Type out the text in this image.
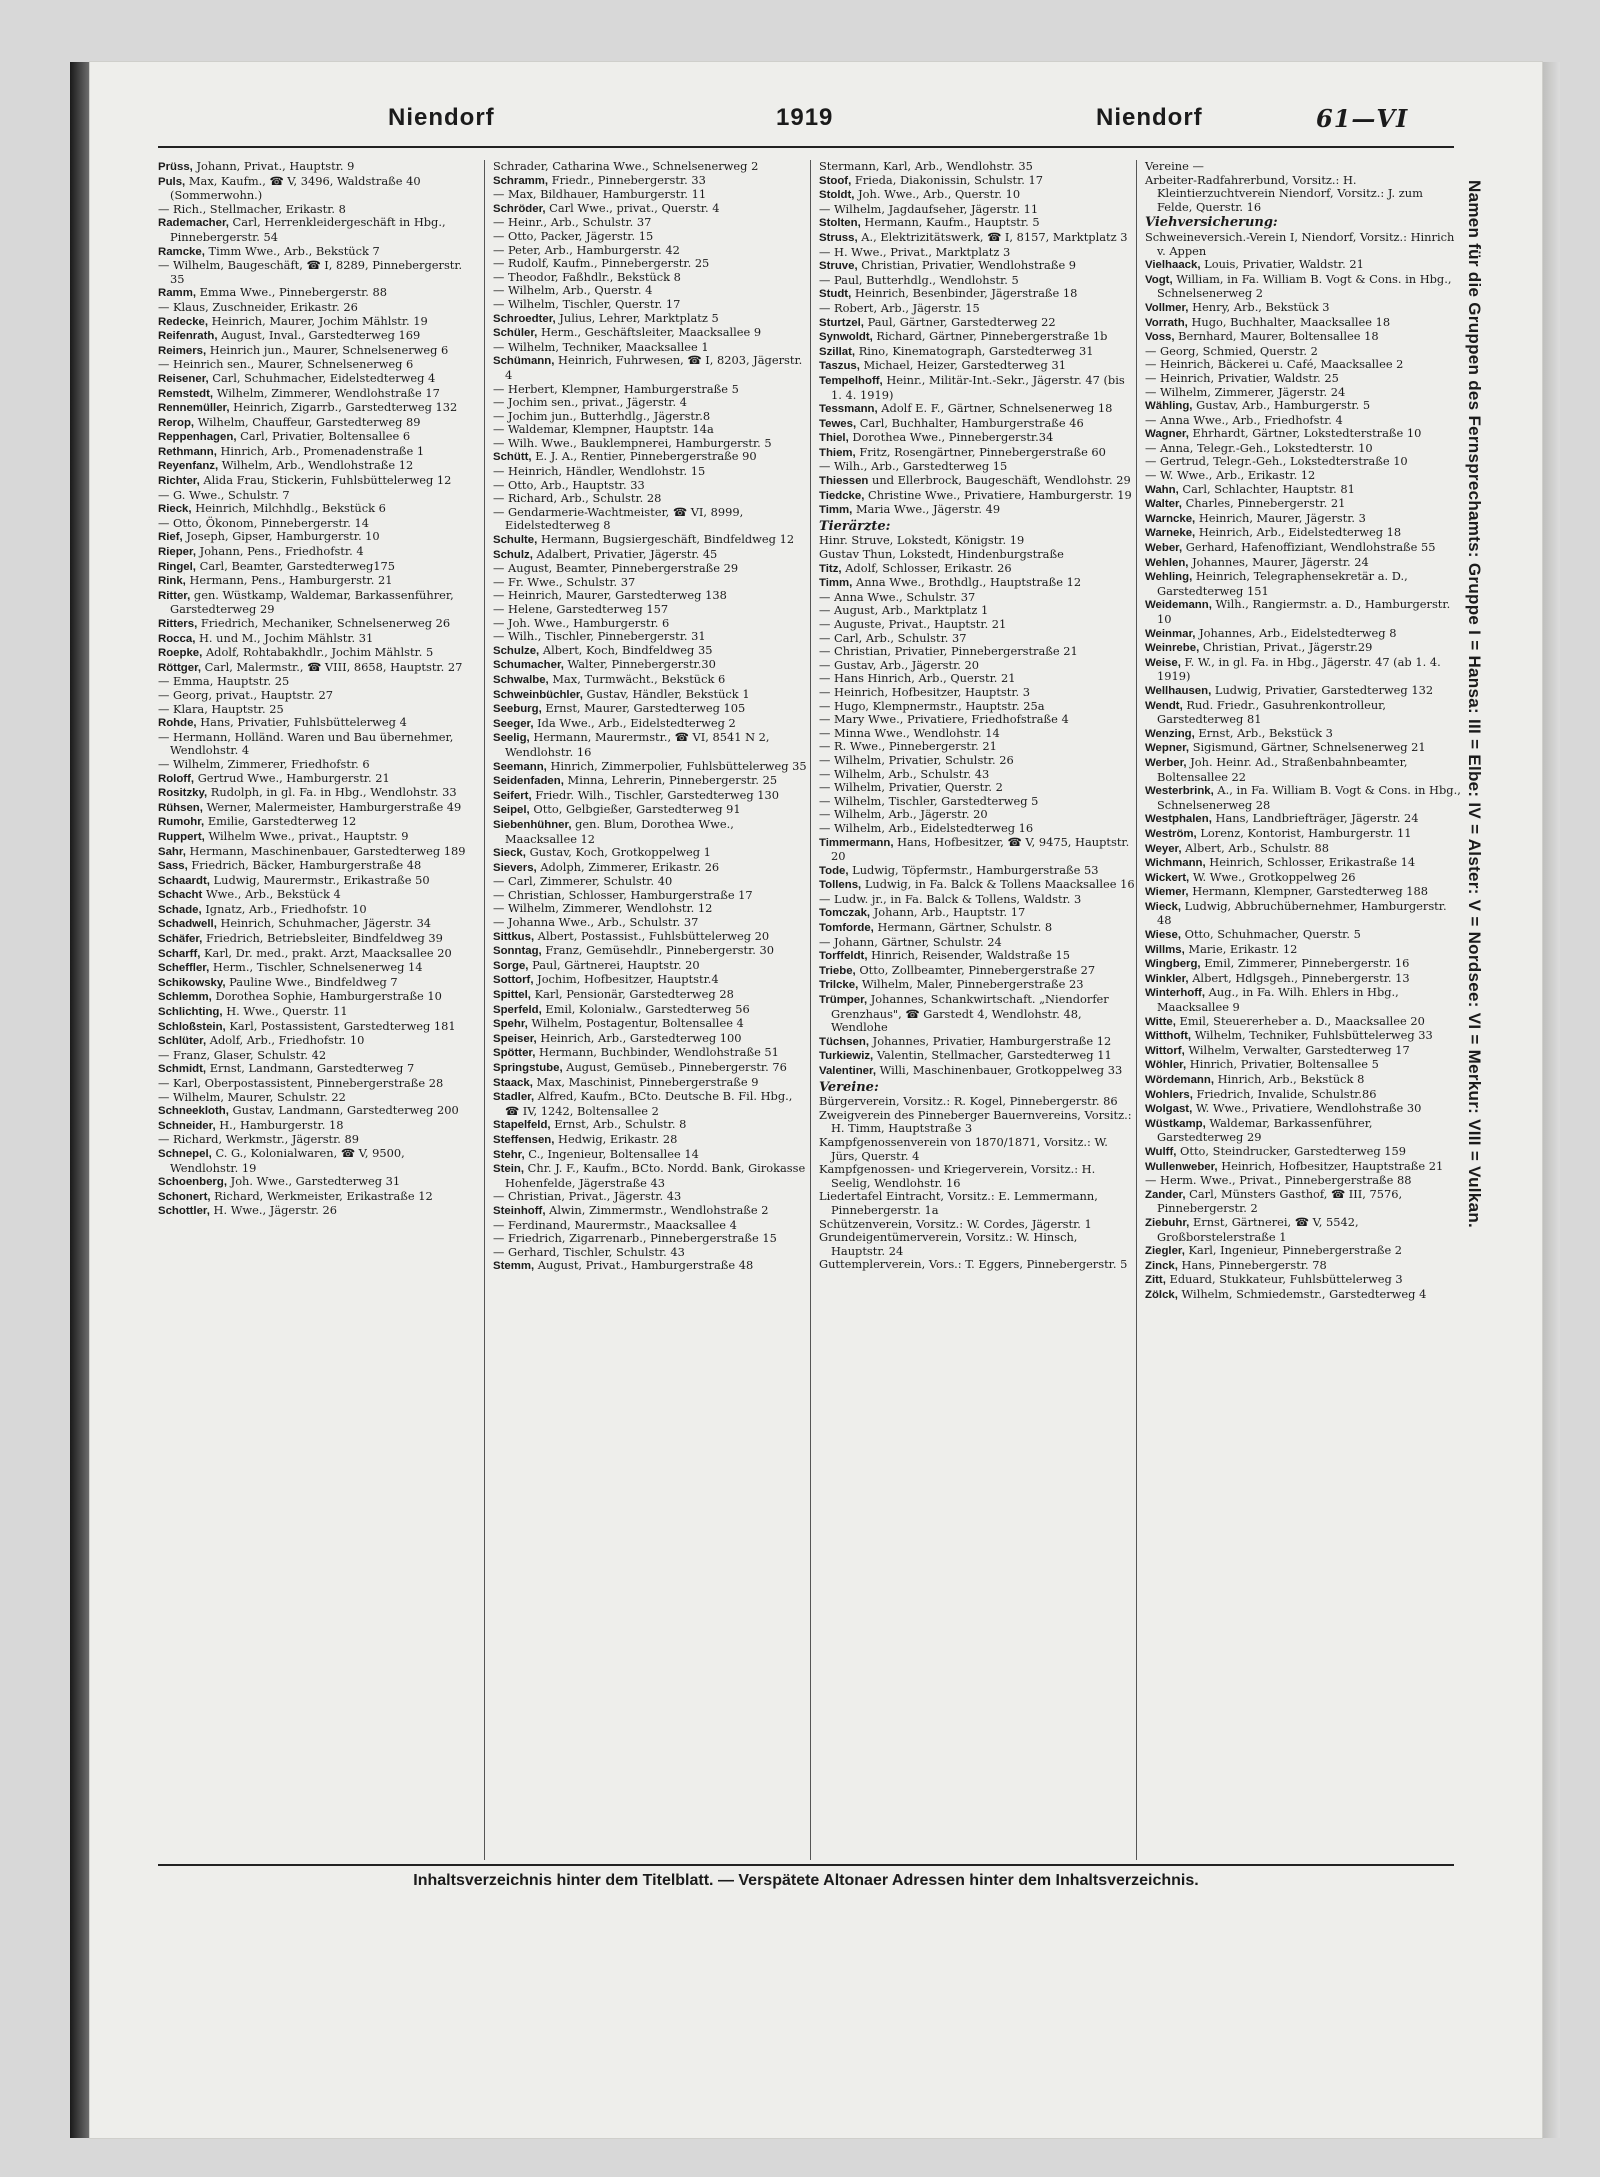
Niendorf	1919	Niendorf	61—VI

Prüss, Johann, Privat., Hauptstr. 9

Puls, Max, Kaufm., ☎ V, 3496, Waldstraße 40 (Sommerwohn.)

— Rich., Stellmacher, Erikastr. 8

Rademacher, Carl, Herrenkleidergeschäft in Hbg., Pinnebergerstr. 54

Ramcke, Timm Wwe., Arb., Bekstück 7

— Wilhelm, Baugeschäft, ☎ I, 8289, Pinnebergerstr. 35

Ramm, Emma Wwe., Pinnebergerstr. 88

— Klaus, Zuschneider, Erikastr. 26

Redecke, Heinrich, Maurer, Jochim Mählstr. 19

Reifenrath, August, Inval., Garstedterweg 169

Reimers, Heinrich jun., Maurer, Schnelsenerweg 6

— Heinrich sen., Maurer, Schnelsenerweg 6

Reisener, Carl, Schuhmacher, Eidelstedterweg 4

Remstedt, Wilhelm, Zimmerer, Wendlohstraße 17

Rennemüller, Heinrich, Zigarrb., Garstedterweg 132

Rerop, Wilhelm, Chauffeur, Garstedterweg 89

Reppenhagen, Carl, Privatier, Boltensallee 6

Rethmann, Hinrich, Arb., Promenadenstraße 1

Reyenfanz, Wilhelm, Arb., Wendlohstraße 12

Richter, Alida Frau, Stickerin, Fuhlsbüttelerweg 12

— G. Wwe., Schulstr. 7

Rieck, Heinrich, Milchhdlg., Bekstück 6

— Otto, Ökonom, Pinnebergerstr. 14

Rief, Joseph, Gipser, Hamburgerstr. 10

Rieper, Johann, Pens., Friedhofstr. 4

Ringel, Carl, Beamter, Garstedterweg175

Rink, Hermann, Pens., Hamburgerstr. 21

Ritter, gen. Wüstkamp, Waldemar, Barkassenführer, Garstedterweg 29

Ritters, Friedrich, Mechaniker, Schnelsenerweg 26

Rocca, H. und M., Jochim Mählstr. 31

Roepke, Adolf, Rohtabakhdlr., Jochim Mählstr. 5

Röttger, Carl, Malermstr., ☎ VIII, 8658, Hauptstr. 27

— Emma, Hauptstr. 25

— Georg, privat., Hauptstr. 27

— Klara, Hauptstr. 25

Rohde, Hans, Privatier, Fuhlsbüttelerweg 4

— Hermann, Holländ. Waren und Bau übernehmer, Wendlohstr. 4

— Wilhelm, Zimmerer, Friedhofstr. 6

Roloff, Gertrud Wwe., Hamburgerstr. 21

Rositzky, Rudolph, in gl. Fa. in Hbg., Wendlohstr. 33

Rühsen, Werner, Malermeister, Hamburgerstraße 49

Rumohr, Emilie, Garstedterweg 12

Ruppert, Wilhelm Wwe., privat., Hauptstr. 9

Sahr, Hermann, Maschinenbauer, Garstedterweg 189

Sass, Friedrich, Bäcker, Hamburgerstraße 48

Schaardt, Ludwig, Maurermstr., Erikastraße 50

Schacht Wwe., Arb., Bekstück 4

Schade, Ignatz, Arb., Friedhofstr. 10

Schadwell, Heinrich, Schuhmacher, Jägerstr. 34

Schäfer, Friedrich, Betriebsleiter, Bindfeldweg 39

Scharff, Karl, Dr. med., prakt. Arzt, Maacksallee 20

Scheffler, Herm., Tischler, Schnelsenerweg 14

Schikowsky, Pauline Wwe., Bindfeldweg 7

Schlemm, Dorothea Sophie, Hamburgerstraße 10

Schlichting, H. Wwe., Querstr. 11

Schloßstein, Karl, Postassistent, Garstedterweg 181

Schlüter, Adolf, Arb., Friedhofstr. 10

— Franz, Glaser, Schulstr. 42

Schmidt, Ernst, Landmann, Garstedterweg 7

— Karl, Oberpostassistent, Pinnebergerstraße 28

— Wilhelm, Maurer, Schulstr. 22

Schneekloth, Gustav, Landmann, Garstedterweg 200

Schneider, H., Hamburgerstr. 18

— Richard, Werkmstr., Jägerstr. 89

Schnepel, C. G., Kolonialwaren, ☎ V, 9500, Wendlohstr. 19

Schoenberg, Joh. Wwe., Garstedterweg 31

Schonert, Richard, Werkmeister, Erikastraße 12

Schottler, H. Wwe., Jägerstr. 26

Schrader, Catharina Wwe., Schnelsenerweg 2

Schramm, Friedr., Pinnebergerstr. 33

— Max, Bildhauer, Hamburgerstr. 11

Schröder, Carl Wwe., privat., Querstr. 4

— Heinr., Arb., Schulstr. 37

— Otto, Packer, Jägerstr. 15

— Peter, Arb., Hamburgerstr. 42

— Rudolf, Kaufm., Pinnebergerstr. 25

— Theodor, Faßhdlr., Bekstück 8

— Wilhelm, Arb., Querstr. 4

— Wilhelm, Tischler, Querstr. 17

Schroedter, Julius, Lehrer, Marktplatz 5

Schüler, Herm., Geschäftsleiter, Maacksallee 9

— Wilhelm, Techniker, Maacksallee 1

Schümann, Heinrich, Fuhrwesen, ☎ I, 8203, Jägerstr. 4

— Herbert, Klempner, Hamburgerstraße 5

— Jochim sen., privat., Jägerstr. 4

— Jochim jun., Butterhdlg., Jägerstr.8

— Waldemar, Klempner, Hauptstr. 14a

— Wilh. Wwe., Bauklempnerei, Hamburgerstr. 5

Schütt, E. J. A., Rentier, Pinnebergerstraße 90

— Heinrich, Händler, Wendlohstr. 15

— Otto, Arb., Hauptstr. 33

— Richard, Arb., Schulstr. 28

— Gendarmerie-Wachtmeister, ☎ VI, 8999, Eidelstedterweg 8

Schulte, Hermann, Bugsiergeschäft, Bindfeldweg 12

Schulz, Adalbert, Privatier, Jägerstr. 45

— August, Beamter, Pinnebergerstraße 29

— Fr. Wwe., Schulstr. 37

— Heinrich, Maurer, Garstedterweg 138

— Helene, Garstedterweg 157

— Joh. Wwe., Hamburgerstr. 6

— Wilh., Tischler, Pinnebergerstr. 31

Schulze, Albert, Koch, Bindfeldweg 35

Schumacher, Walter, Pinnebergerstr.30

Schwalbe, Max, Turmwächt., Bekstück 6

Schweinbüchler, Gustav, Händler, Bekstück 1

Seeburg, Ernst, Maurer, Garstedterweg 105

Seeger, Ida Wwe., Arb., Eidelstedterweg 2

Seelig, Hermann, Maurermstr., ☎ VI, 8541 N 2, Wendlohstr. 16

Seemann, Hinrich, Zimmerpolier, Fuhlsbüttelerweg 35

Seidenfaden, Minna, Lehrerin, Pinnebergerstr. 25

Seifert, Friedr. Wilh., Tischler, Garstedterweg 130

Seipel, Otto, Gelbgießer, Garstedterweg 91

Siebenhühner, gen. Blum, Dorothea Wwe., Maacksallee 12

Sieck, Gustav, Koch, Grotkoppelweg 1

Sievers, Adolph, Zimmerer, Erikastr. 26

— Carl, Zimmerer, Schulstr. 40

— Christian, Schlosser, Hamburgerstraße 17

— Wilhelm, Zimmerer, Wendlohstr. 12

— Johanna Wwe., Arb., Schulstr. 37

Sittkus, Albert, Postassist., Fuhlsbüttelerweg 20

Sonntag, Franz, Gemüsehdlr., Pinnebergerstr. 30

Sorge, Paul, Gärtnerei, Hauptstr. 20

Sottorf, Jochim, Hofbesitzer, Hauptstr.4

Spittel, Karl, Pensionär, Garstedterweg 28

Sperfeld, Emil, Kolonialw., Garstedterweg 56

Spehr, Wilhelm, Postagentur, Boltensallee 4

Speiser, Heinrich, Arb., Garstedterweg 100

Spötter, Hermann, Buchbinder, Wendlohstraße 51

Springstube, August, Gemüseb., Pinnebergerstr. 76

Staack, Max, Maschinist, Pinnebergerstraße 9

Stadler, Alfred, Kaufm., BCto. Deutsche B. Fil. Hbg., ☎ IV, 1242, Boltensallee 2

Stapelfeld, Ernst, Arb., Schulstr. 8

Steffensen, Hedwig, Erikastr. 28

Stehr, C., Ingenieur, Boltensallee 14

Stein, Chr. J. F., Kaufm., BCto. Nordd. Bank, Girokasse Hohenfelde, Jägerstraße 43

— Christian, Privat., Jägerstr. 43

Steinhoff, Alwin, Zimmermstr., Wendlohstraße 2

— Ferdinand, Maurermstr., Maacksallee 4

— Friedrich, Zigarrenarb., Pinnebergerstraße 15

— Gerhard, Tischler, Schulstr. 43

Stemm, August, Privat., Hamburgerstraße 48

Stermann, Karl, Arb., Wendlohstr. 35

Stoof, Frieda, Diakonissin, Schulstr. 17

Stoldt, Joh. Wwe., Arb., Querstr. 10

— Wilhelm, Jagdaufseher, Jägerstr. 11

Stolten, Hermann, Kaufm., Hauptstr. 5

Struss, A., Elektrizitätswerk, ☎ I, 8157, Marktplatz 3

— H. Wwe., Privat., Marktplatz 3

Struve, Christian, Privatier, Wendlohstraße 9

— Paul, Butterhdlg., Wendlohstr. 5

Studt, Heinrich, Besenbinder, Jägerstraße 18

— Robert, Arb., Jägerstr. 15

Sturtzel, Paul, Gärtner, Garstedterweg 22

Synwoldt, Richard, Gärtner, Pinnebergerstraße 1b

Szillat, Rino, Kinematograph, Garstedterweg 31

Taszus, Michael, Heizer, Garstedterweg 31

Tempelhoff, Heinr., Militär-Int.-Sekr., Jägerstr. 47 (bis 1. 4. 1919)

Tessmann, Adolf E. F., Gärtner, Schnelsenerweg 18

Tewes, Carl, Buchhalter, Hamburgerstraße 46

Thiel, Dorothea Wwe., Pinnebergerstr.34

Thiem, Fritz, Rosengärtner, Pinnebergerstraße 60

— Wilh., Arb., Garstedterweg 15

Thiessen und Ellerbrock, Baugeschäft, Wendlohstr. 29

Tiedcke, Christine Wwe., Privatiere, Hamburgerstr. 19

Timm, Maria Wwe., Jägerstr. 49

Tierärzte:

Hinr. Struve, Lokstedt, Königstr. 19

Gustav Thun, Lokstedt, Hindenburgstraße

Titz, Adolf, Schlosser, Erikastr. 26

Timm, Anna Wwe., Brothdlg., Hauptstraße 12

— Anna Wwe., Schulstr. 37

— August, Arb., Marktplatz 1

— Auguste, Privat., Hauptstr. 21

— Carl, Arb., Schulstr. 37

— Christian, Privatier, Pinnebergerstraße 21

— Gustav, Arb., Jägerstr. 20

— Hans Hinrich, Arb., Querstr. 21

— Heinrich, Hofbesitzer, Hauptstr. 3

— Hugo, Klempnermstr., Hauptstr. 25a

— Mary Wwe., Privatiere, Friedhofstraße 4

— Minna Wwe., Wendlohstr. 14

— R. Wwe., Pinnebergerstr. 21

— Wilhelm, Privatier, Schulstr. 26

— Wilhelm, Arb., Schulstr. 43

— Wilhelm, Privatier, Querstr. 2

— Wilhelm, Tischler, Garstedterweg 5

— Wilhelm, Arb., Jägerstr. 20

— Wilhelm, Arb., Eidelstedterweg 16

Timmermann, Hans, Hofbesitzer, ☎ V, 9475, Hauptstr. 20

Tode, Ludwig, Töpfermstr., Hamburgerstraße 53

Tollens, Ludwig, in Fa. Balck & Tollens Maacksallee 16

— Ludw. jr., in Fa. Balck & Tollens, Waldstr. 3

Tomczak, Johann, Arb., Hauptstr. 17

Tomforde, Hermann, Gärtner, Schulstr. 8

— Johann, Gärtner, Schulstr. 24

Torffeldt, Hinrich, Reisender, Waldstraße 15

Triebe, Otto, Zollbeamter, Pinnebergerstraße 27

Trilcke, Wilhelm, Maler, Pinnebergerstraße 23

Trümper, Johannes, Schankwirtschaft. „Niendorfer Grenzhaus", ☎ Garstedt 4, Wendlohstr. 48, Wendlohe

Tüchsen, Johannes, Privatier, Hamburgerstraße 12

Turkiewiz, Valentin, Stellmacher, Garstedterweg 11

Valentiner, Willi, Maschinenbauer, Grotkoppelweg 33

Vereine:

Bürgerverein, Vorsitz.: R. Kogel, Pinnebergerstr. 86

Zweigverein des Pinneberger Bauernvereins, Vorsitz.: H. Timm, Hauptstraße 3

Kampfgenossenverein von 1870/1871, Vorsitz.: W. Jürs, Querstr. 4

Kampfgenossen- und Kriegerverein, Vorsitz.: H. Seelig, Wendlohstr. 16

Liedertafel Eintracht, Vorsitz.: E. Lemmermann, Pinnebergerstr. 1a

Schützenverein, Vorsitz.: W. Cordes, Jägerstr. 1

Grundeigentümerverein, Vorsitz.: W. Hinsch, Hauptstr. 24

Guttemplerverein, Vors.: T. Eggers, Pinnebergerstr. 5

Vereine —

Arbeiter-Radfahrerbund, Vorsitz.: H. Kleintierzuchtverein Niendorf, Vorsitz.: J. zum Felde, Querstr. 16

Viehversicherung:

Schweineversich.-Verein I, Niendorf, Vorsitz.: Hinrich v. Appen

Vielhaack, Louis, Privatier, Waldstr. 21

Vogt, William, in Fa. William B. Vogt & Cons. in Hbg., Schnelsenerweg 2

Vollmer, Henry, Arb., Bekstück 3

Vorrath, Hugo, Buchhalter, Maacksallee 18

Voss, Bernhard, Maurer, Boltensallee 18

— Georg, Schmied, Querstr. 2

— Heinrich, Bäckerei u. Café, Maacksallee 2

— Heinrich, Privatier, Waldstr. 25

— Wilhelm, Zimmerer, Jägerstr. 24

Wähling, Gustav, Arb., Hamburgerstr. 5

— Anna Wwe., Arb., Friedhofstr. 4

Wagner, Ehrhardt, Gärtner, Lokstedterstraße 10

— Anna, Telegr.-Geh., Lokstedterstr. 10

— Gertrud, Telegr.-Geh., Lokstedterstraße 10

— W. Wwe., Arb., Erikastr. 12

Wahn, Carl, Schlachter, Hauptstr. 81

Walter, Charles, Pinnebergerstr. 21

Warncke, Heinrich, Maurer, Jägerstr. 3

Warneke, Heinrich, Arb., Eidelstedterweg 18

Weber, Gerhard, Hafenoffiziant, Wendlohstraße 55

Wehlen, Johannes, Maurer, Jägerstr. 24

Wehling, Heinrich, Telegraphensekretär a. D., Garstedterweg 151

Weidemann, Wilh., Rangiermstr. a. D., Hamburgerstr. 10

Weinmar, Johannes, Arb., Eidelstedterweg 8

Weinrebe, Christian, Privat., Jägerstr.29

Weise, F. W., in gl. Fa. in Hbg., Jägerstr. 47 (ab 1. 4. 1919)

Wellhausen, Ludwig, Privatier, Garstedterweg 132

Wendt, Rud. Friedr., Gasuhrenkontrolleur, Garstedterweg 81

Wenzing, Ernst, Arb., Bekstück 3

Wepner, Sigismund, Gärtner, Schnelsenerweg 21

Werber, Joh. Heinr. Ad., Straßenbahnbeamter, Boltensallee 22

Westerbrink, A., in Fa. William B. Vogt & Cons. in Hbg., Schnelsenerweg 28

Westphalen, Hans, Landbriefträger, Jägerstr. 24

Weström, Lorenz, Kontorist, Hamburgerstr. 11

Weyer, Albert, Arb., Schulstr. 88

Wichmann, Heinrich, Schlosser, Erikastraße 14

Wickert, W. Wwe., Grotkoppelweg 26

Wiemer, Hermann, Klempner, Garstedterweg 188

Wieck, Ludwig, Abbruchübernehmer, Hamburgerstr. 48

Wiese, Otto, Schuhmacher, Querstr. 5

Willms, Marie, Erikastr. 12

Wingberg, Emil, Zimmerer, Pinnebergerstr. 16

Winkler, Albert, Hdlgsgeh., Pinnebergerstr. 13

Winterhoff, Aug., in Fa. Wilh. Ehlers in Hbg., Maacksallee 9

Witte, Emil, Steuererheber a. D., Maacksallee 20

Witthoft, Wilhelm, Techniker, Fuhlsbüttelerweg 33

Wittorf, Wilhelm, Verwalter, Garstedterweg 17

Wöhler, Hinrich, Privatier, Boltensallee 5

Wördemann, Hinrich, Arb., Bekstück 8

Wohlers, Friedrich, Invalide, Schulstr.86

Wolgast, W. Wwe., Privatiere, Wendlohstraße 30

Wüstkamp, Waldemar, Barkassenführer, Garstedterweg 29

Wulff, Otto, Steindrucker, Garstedterweg 159

Wullenweber, Heinrich, Hofbesitzer, Hauptstraße 21

— Herm. Wwe., Privat., Pinnebergerstraße 88

Zander, Carl, Münsters Gasthof, ☎ III, 7576, Pinnebergerstr. 2

Ziebuhr, Ernst, Gärtnerei, ☎ V, 5542, Großborstelerstraße 1

Ziegler, Karl, Ingenieur, Pinnebergerstraße 2

Zinck, Hans, Pinnebergerstr. 78

Zitt, Eduard, Stukkateur, Fuhlsbüttelerweg 3

Zölck, Wilhelm, Schmiedemstr., Garstedterweg 4

Namen für die Gruppen des Fernsprechamts: Gruppe I = Hansa: III = Elbe: IV = Alster: V = Nordsee: VI = Merkur: VIII = Vulkan.
Inhaltsverzeichnis hinter dem Titelblatt. — Verspätete Altonaer Adressen hinter dem Inhaltsverzeichnis.
